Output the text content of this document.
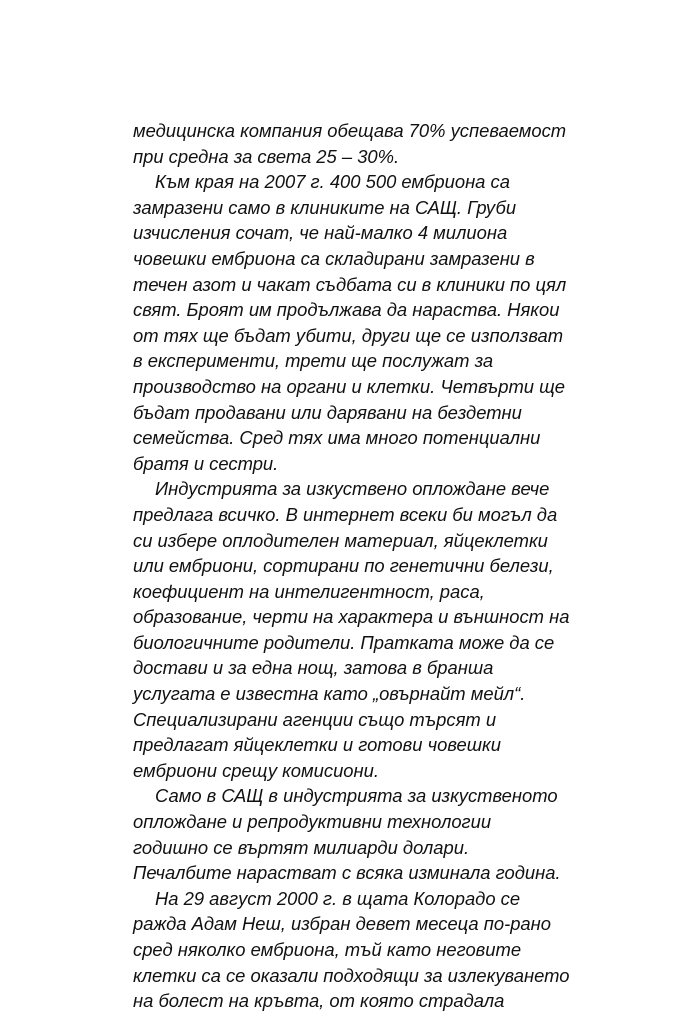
медицинска компания обещава 70% успеваемост
при средна за света 25 – 30%.
Към края на 2007 г. 400 500 ембриона са
замразени само в клиниките на САЩ. Груби
изчисления сочат, че най-малко 4 милиона
човешки ембриона са складирани замразени в
течен азот и чакат съдбата си в клиники по цял
свят. Броят им продължава да нараства. Някои
от тях ще бъдат убити, други ще се използват
в експерименти, трети ще послужат за
производство на органи и клетки. Четвърти ще
бъдат продавани или дарявани на бездетни
семейства. Сред тях има много потенциални
братя и сестри.
Индустрията за изкуствено оплождане вече
предлага всичко. В интернет всеки би могъл да
си избере оплодителен материал, яйцеклетки
или ембриони, сортирани по генетични белези,
коефициент на интелигентност, раса,
образование, черти на характера и външност на
биологичните родители. Пратката може да се
достави и за една нощ, затова в бранша
услугата е известна като „овърнайт мейл“.
Специализирани агенции също търсят и
предлагат яйцеклетки и готови човешки
ембриони срещу комисиони.
Само в САЩ в индустрията за изкуственото
оплождане и репродуктивни технологии
годишно се въртят милиарди долари.
Печалбите нарастват с всяка изминала година.
На 29 август 2000 г. в щата Колорадо се
ражда Адам Неш, избран девет месеца по-рано
сред няколко ембриона, тъй като неговите
клетки са се оказали подходящи за излекуването
на болест на кръвта, от която страдала
